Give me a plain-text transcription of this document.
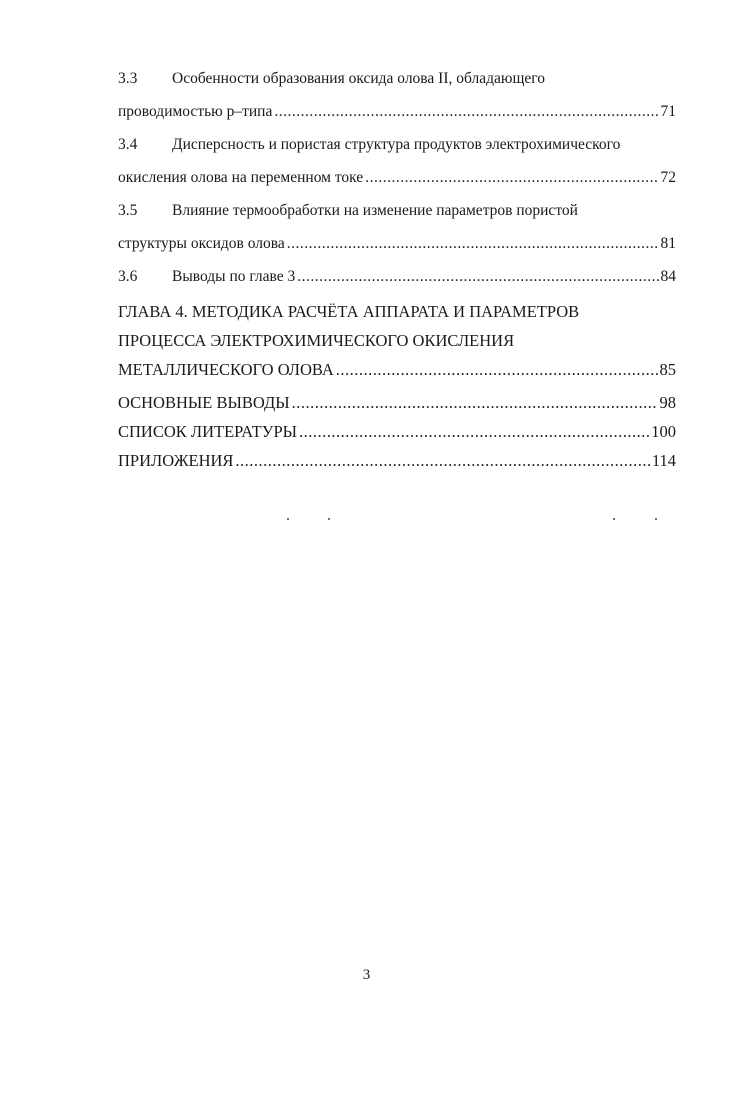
3.3	Особенности образования оксида олова II, обладающего
проводимостью р–типа .....	71
3.4	Дисперсность и пористая структура продуктов электрохимического
окисления олова на переменном токе .....	72
3.5	Влияние термообработки на изменение параметров пористой
структуры оксидов олова .....	81
3.6	Выводы по главе 3 .....	84
ГЛАВА 4. МЕТОДИКА РАСЧЁТА АППАРАТА И ПАРАМЕТРОВ
ПРОЦЕССА ЭЛЕКТРОХИМИЧЕСКОГО ОКИСЛЕНИЯ
МЕТАЛЛИЧЕСКОГО ОЛОВА .....	85
ОСНОВНЫЕ ВЫВОДЫ .....	98
СПИСОК ЛИТЕРАТУРЫ .....	100
ПРИЛОЖЕНИЯ .....	114
3
